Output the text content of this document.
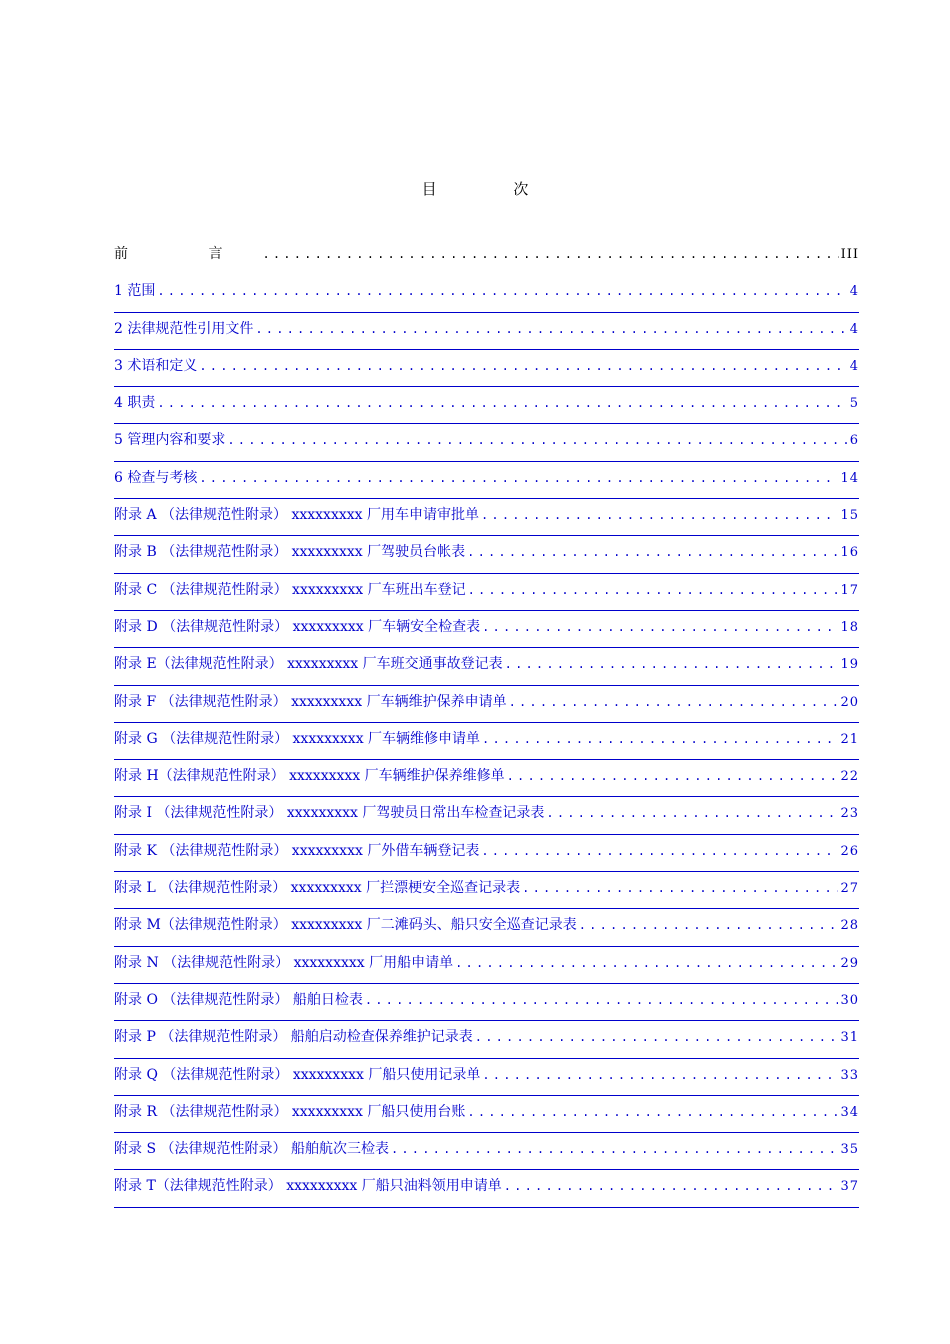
目 次
前 言 .....	III
1 范围 .....	4
2 法律规范性引用文件 .....	4
3 术语和定义 .....	4
4 职责 .....	5
5 管理内容和要求 .....	6
6 检查与考核 .....	14
附录 A （法律规范性附录） xxxxxxxxx 厂用车申请审批单 .....	15
附录 B （法律规范性附录） xxxxxxxxx 厂驾驶员台帐表 .....	16
附录 C （法律规范性附录） xxxxxxxxx 厂车班出车登记 .....	17
附录 D （法律规范性附录） xxxxxxxxx 厂车辆安全检查表 .....	18
附录 E（法律规范性附录） xxxxxxxxx 厂车班交通事故登记表 .....	19
附录 F （法律规范性附录） xxxxxxxxx 厂车辆维护保养申请单 .....	20
附录 G （法律规范性附录） xxxxxxxxx 厂车辆维修申请单 .....	21
附录 H（法律规范性附录） xxxxxxxxx 厂车辆维护保养维修单 .....	22
附录 I （法律规范性附录） xxxxxxxxx 厂驾驶员日常出车检查记录表 .....	23
附录 K （法律规范性附录） xxxxxxxxx 厂外借车辆登记表 .....	26
附录 L （法律规范性附录） xxxxxxxxx 厂拦漂梗安全巡查记录表 .....	27
附录 M（法律规范性附录） xxxxxxxxx 厂二滩码头、船只安全巡查记录表 .....	28
附录 N （法律规范性附录） xxxxxxxxx 厂用船申请单 .....	29
附录 O （法律规范性附录） 船舶日检表 .....	30
附录 P （法律规范性附录） 船舶启动检查保养维护记录表 .....	31
附录 Q （法律规范性附录） xxxxxxxxx 厂船只使用记录单 .....	33
附录 R （法律规范性附录） xxxxxxxxx 厂船只使用台账 .....	34
附录 S （法律规范性附录） 船舶航次三检表 .....	35
附录 T（法律规范性附录） xxxxxxxxx 厂船只油料领用申请单 .....	37
